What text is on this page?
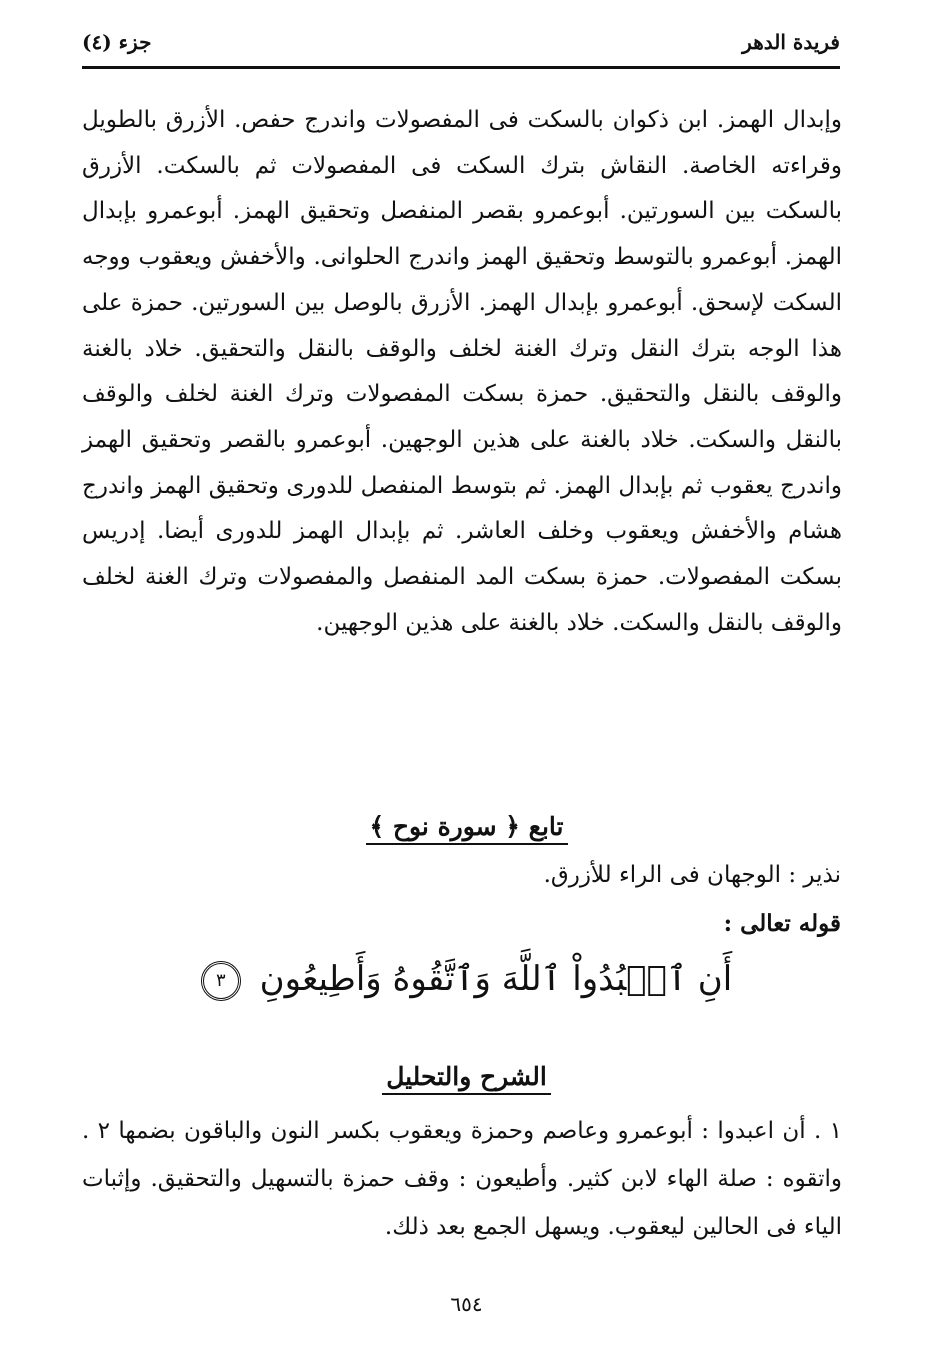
فريدة الدهر
جزء (٤)

وإبدال الهمز. ابن ذكوان بالسكت فى المفصولات واندرج حفص. الأزرق بالطويل وقراءته الخاصة. النقاش بترك السكت فى المفصولات ثم بالسكت. الأزرق بالسكت بين السورتين. أبوعمرو بقصر المنفصل وتحقيق الهمز. أبوعمرو بإبدال الهمز. أبوعمرو بالتوسط وتحقيق الهمز واندرج الحلوانى. والأخفش ويعقوب ووجه السكت لإسحق. أبوعمرو بإبدال الهمز. الأزرق بالوصل بين السورتين. حمزة على هذا الوجه بترك النقل وترك الغنة لخلف والوقف بالنقل والتحقيق. خلاد بالغنة والوقف بالنقل والتحقيق. حمزة بسكت المفصولات وترك الغنة لخلف والوقف بالنقل والسكت. خلاد بالغنة على هذين الوجهين. أبوعمرو بالقصر وتحقيق الهمز واندرج يعقوب ثم بإبدال الهمز. ثم بتوسط المنفصل للدورى وتحقيق الهمز واندرج هشام والأخفش ويعقوب وخلف العاشر. ثم بإبدال الهمز للدورى أيضا. إدريس بسكت المفصولات. حمزة بسكت المد المنفصل والمفصولات وترك الغنة لخلف والوقف بالنقل والسكت. خلاد بالغنة على هذين الوجهين.

تابع ﴿ سورة نوح ﴾
نذير : الوجهان فى الراء للأزرق.
قوله تعالى :
أَنِ ٱعۡبُدُواْ ٱللَّهَ وَٱتَّقُوهُ وَأَطِيعُونِ ٣
الشرح والتحليل

١ . أن اعبدوا : أبوعمرو وعاصم وحمزة ويعقوب بكسر النون والباقون بضمها ٢ . واتقوه : صلة الهاء لابن كثير. وأطيعون : وقف حمزة بالتسهيل والتحقيق. وإثبات الياء فى الحالين ليعقوب. ويسهل الجمع بعد ذلك.

٦٥٤
